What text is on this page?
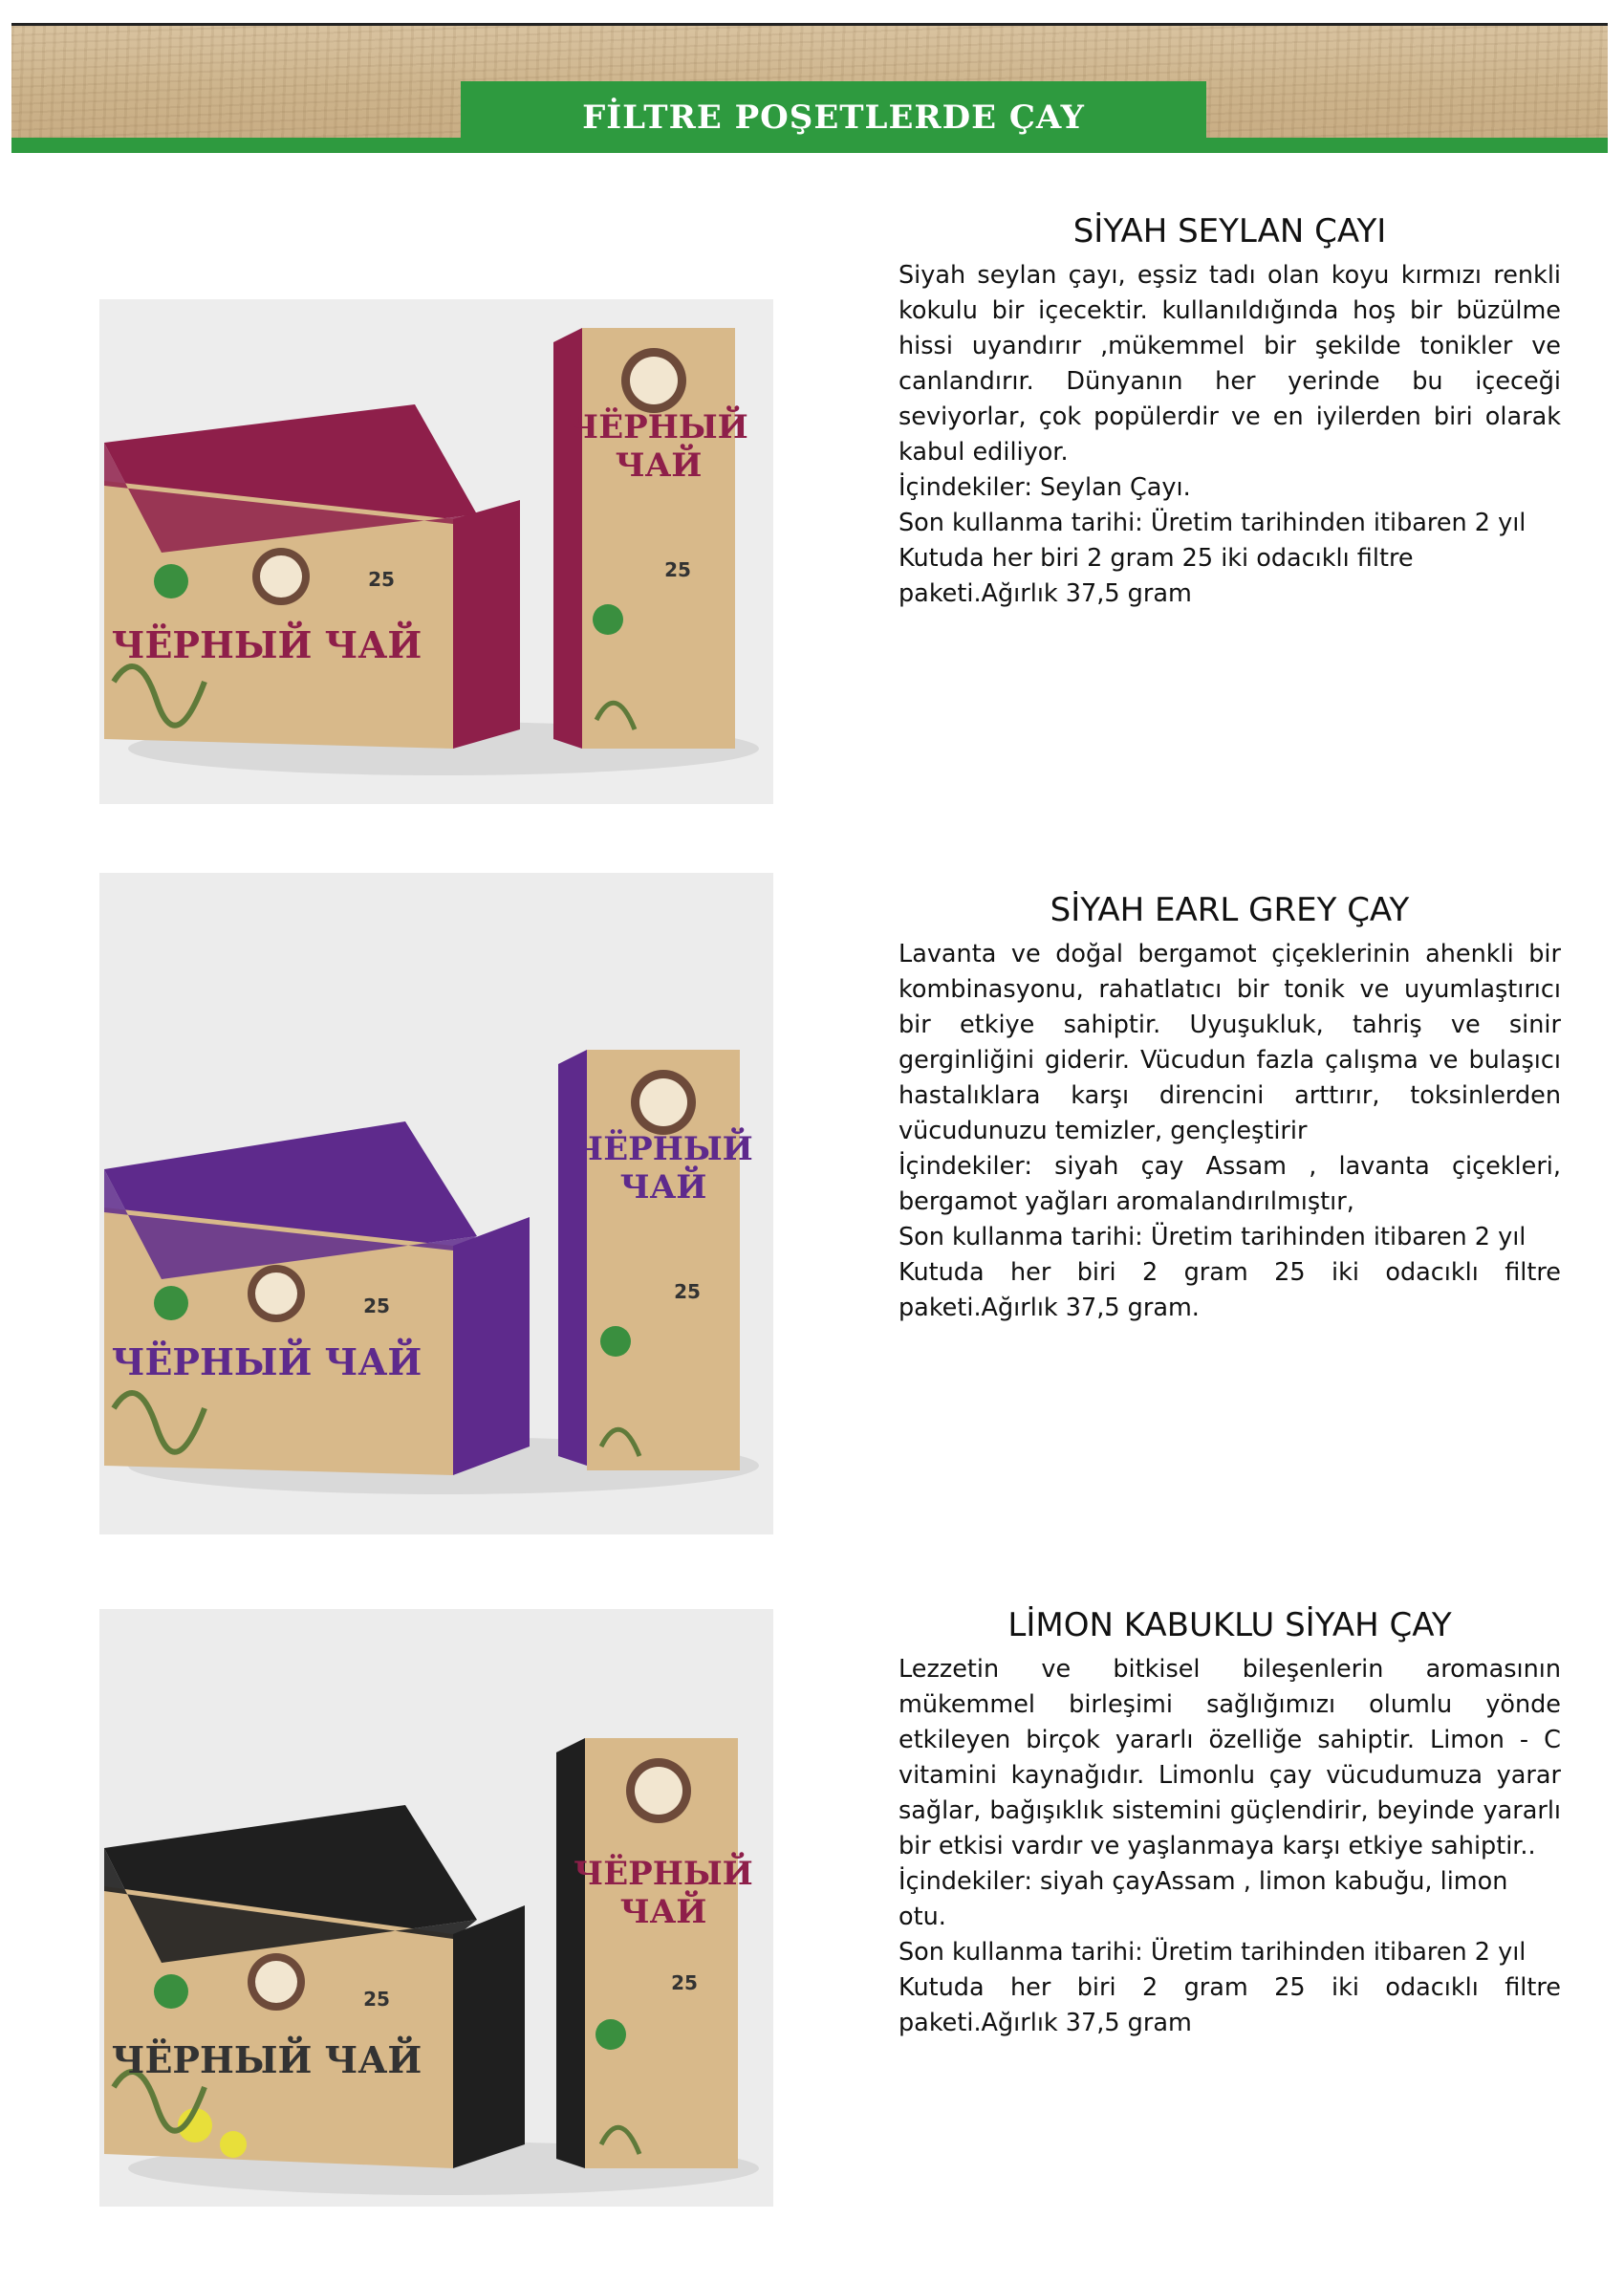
FİLTRE POŞETLERDE ÇAY
ЧЁРНЫЙ
ЧАЙ
ЧЁРНЫЙ ЧАЙ
25	25
SİYAH SEYLAN ÇAYI

Siyah seylan çayı, eşsiz tadı olan koyu kırmızı renkli kokulu bir içecektir. kullanıldığında hoş bir büzülme hissi uyandırır ,mükemmel bir şekilde tonikler ve canlandırır. Dünyanın her yerinde bu içeceği seviyorlar, çok popülerdir ve en iyilerden biri olarak kabul ediliyor.

İçindekiler: Seylan Çayı.

Son kullanma tarihi: Üretim tarihinden itibaren 2 yıl

Kutuda her biri 2 gram 25 iki odacıklı filtre paketi.Ağırlık 37,5 gram

ЧЁРНЫЙ
ЧАЙ
ЧЁРНЫЙ ЧАЙ
25
25
SİYAH EARL GREY ÇAY

Lavanta ve doğal bergamot çiçeklerinin ahenkli bir kombinasyonu, rahatlatıcı bir tonik ve uyumlaştırıcı bir etkiye sahiptir. Uyuşukluk, tahriş ve sinir gerginliğini giderir. Vücudun fazla çalışma ve bulaşıcı hastalıklara karşı direncini arttırır, toksinlerden vücudunuzu temizler, gençleştirir

İçindekiler: siyah çay Assam , lavanta çiçekleri, bergamot yağları aromalandırılmıştır,

Son kullanma tarihi: Üretim tarihinden itibaren 2 yıl

Kutuda her biri 2 gram 25 iki odacıklı filtre paketi.Ağırlık 37,5 gram.

ЧЁРНЫЙ
ЧАЙ
ЧЁРНЫЙ ЧАЙ
25
25
LİMON KABUKLU SİYAH ÇAY

Lezzetin ve bitkisel bileşenlerin aromasının mükemmel birleşimi sağlığımızı olumlu yönde etkileyen birçok yararlı özelliğe sahiptir. Limon - C vitamini kaynağıdır. Limonlu çay vücudumuza yarar sağlar, bağışıklık sistemini güçlendirir, beyinde yararlı bir etkisi vardır ve yaşlanmaya karşı etkiye sahiptir..

İçindekiler: siyah çayAssam , limon kabuğu, limon otu.

Son kullanma tarihi: Üretim tarihinden itibaren 2 yıl

Kutuda her biri 2 gram 25 iki odacıklı filtre paketi.Ağırlık 37,5 gram
